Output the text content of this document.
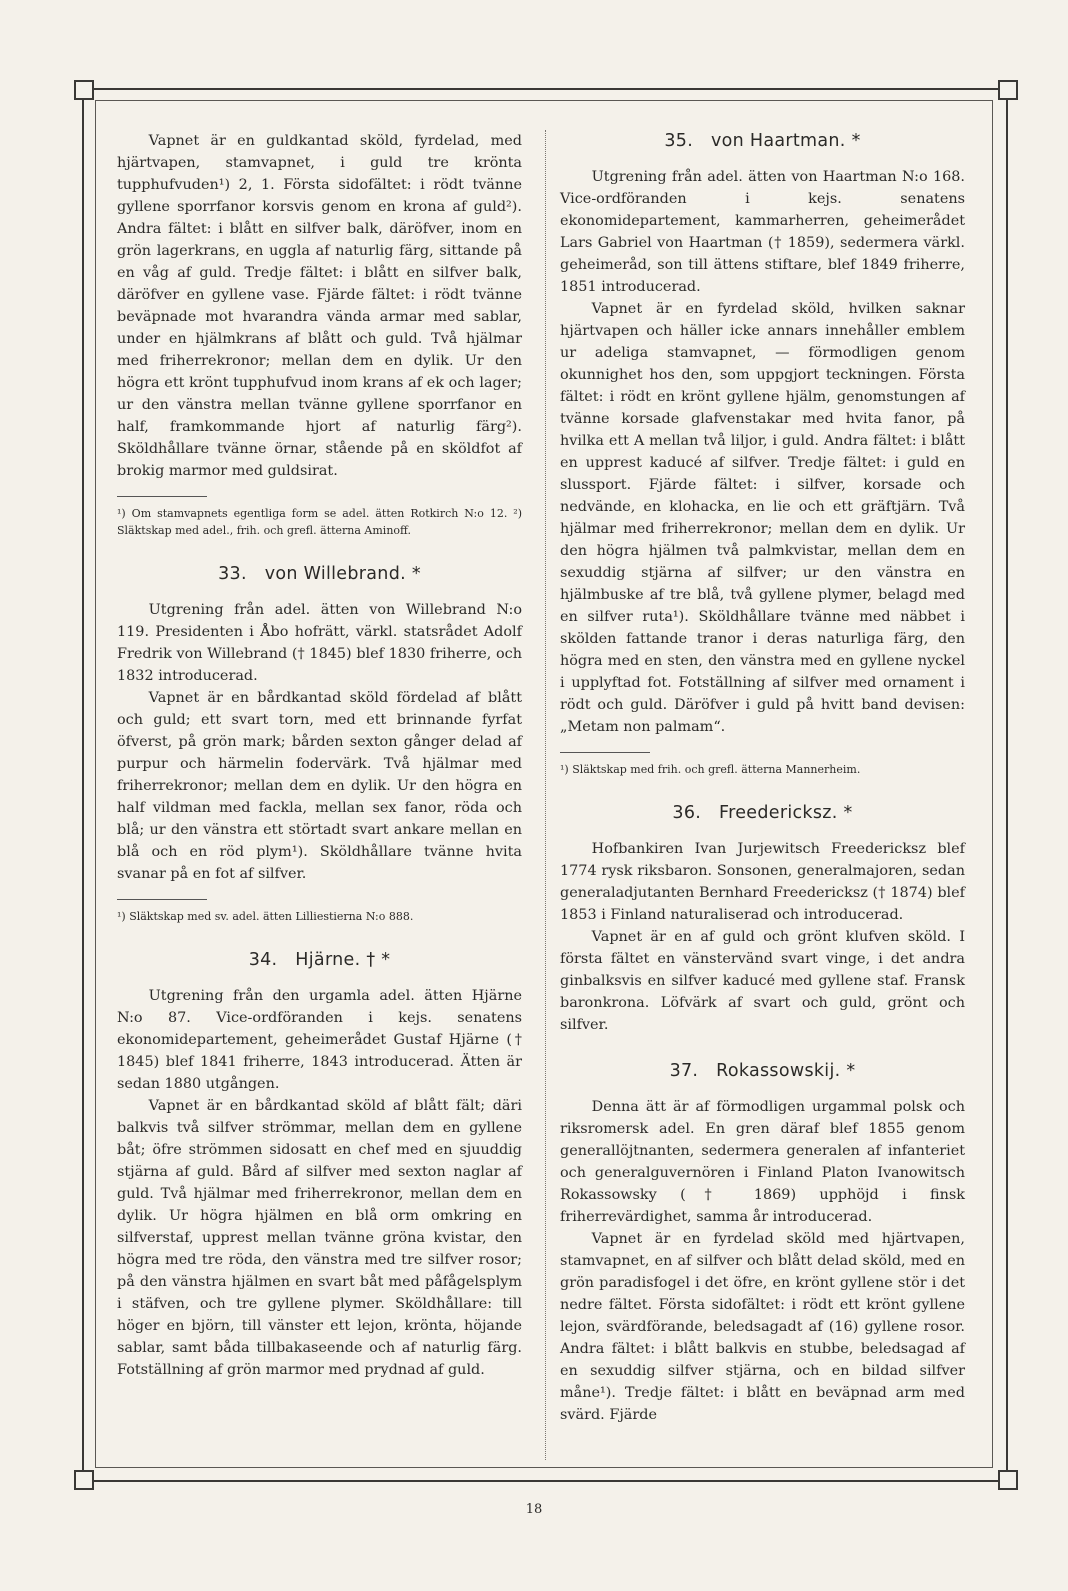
Vapnet är en guldkantad sköld, fyrdelad, med hjärtvapen, stamvapnet, i guld tre krönta tupphufvuden¹) 2, 1. Första sidofältet: i rödt tvänne gyllene sporrfanor korsvis genom en krona af guld²). Andra fältet: i blått en silfver balk, däröfver, inom en grön lagerkrans, en uggla af naturlig färg, sittande på en våg af guld. Tredje fältet: i blått en silfver balk, däröfver en gyllene vase. Fjärde fältet: i rödt tvänne beväpnade mot hvarandra vända armar med sablar, under en hjälmkrans af blått och guld. Två hjälmar med friherrekronor; mellan dem en dylik. Ur den högra ett krönt tupphufvud inom krans af ek och lager; ur den vänstra mellan tvänne gyllene sporrfanor en half, framkommande hjort af naturlig färg²). Sköldhållare tvänne örnar, stående på en sköldfot af brokig marmor med guldsirat.

¹) Om stamvapnets egentliga form se adel. ätten Rotkirch N:o 12. ²) Släktskap med adel., frih. och grefl. ätterna Aminoff.

33. von Willebrand. *

Utgrening från adel. ätten von Willebrand N:o 119. Presidenten i Åbo hofrätt, värkl. statsrådet Adolf Fredrik von Willebrand († 1845) blef 1830 friherre, och 1832 introducerad.

Vapnet är en bårdkantad sköld fördelad af blått och guld; ett svart torn, med ett brinnande fyrfat öfverst, på grön mark; bården sexton gånger delad af purpur och härmelin fodervärk. Två hjälmar med friherrekronor; mellan dem en dylik. Ur den högra en half vildman med fackla, mellan sex fanor, röda och blå; ur den vänstra ett störtadt svart ankare mellan en blå och en röd plym¹). Sköldhållare tvänne hvita svanar på en fot af silfver.

¹) Släktskap med sv. adel. ätten Lilliestierna N:o 888.

34. Hjärne. † *

Utgrening från den urgamla adel. ätten Hjärne N:o 87. Vice-ordföranden i kejs. senatens ekonomidepartement, geheimerådet Gustaf Hjärne († 1845) blef 1841 friherre, 1843 introducerad. Ätten är sedan 1880 utgången.

Vapnet är en bårdkantad sköld af blått fält; däri balkvis två silfver strömmar, mellan dem en gyllene båt; öfre strömmen sidosatt en chef med en sjuuddig stjärna af guld. Bård af silfver med sexton naglar af guld. Två hjälmar med friherrekronor, mellan dem en dylik. Ur högra hjälmen en blå orm omkring en silfverstaf, upprest mellan tvänne gröna kvistar, den högra med tre röda, den vänstra med tre silfver rosor; på den vänstra hjälmen en svart båt med påfågelsplym i stäfven, och tre gyllene plymer. Sköldhållare: till höger en björn, till vänster ett lejon, krönta, höjande sablar, samt båda tillbakaseende och af naturlig färg. Fotställning af grön marmor med prydnad af guld.

35. von Haartman. *

Utgrening från adel. ätten von Haartman N:o 168. Vice-ordföranden i kejs. senatens ekonomidepartement, kammarherren, geheimerådet Lars Gabriel von Haartman († 1859), sedermera värkl. geheimeråd, son till ättens stiftare, blef 1849 friherre, 1851 introducerad.

Vapnet är en fyrdelad sköld, hvilken saknar hjärtvapen och häller icke annars innehåller emblem ur adeliga stamvapnet, — förmodligen genom okunnighet hos den, som uppgjort teckningen. Första fältet: i rödt en krönt gyllene hjälm, genomstungen af tvänne korsade glafvenstakar med hvita fanor, på hvilka ett A mellan två liljor, i guld. Andra fältet: i blått en upprest kaducé af silfver. Tredje fältet: i guld en slussport. Fjärde fältet: i silfver, korsade och nedvände, en klohacka, en lie och ett gräftjärn. Två hjälmar med friherrekronor; mellan dem en dylik. Ur den högra hjälmen två palmkvistar, mellan dem en sexuddig stjärna af silfver; ur den vänstra en hjälmbuske af tre blå, två gyllene plymer, belagd med en silfver ruta¹). Sköldhållare tvänne med näbbet i skölden fattande tranor i deras naturliga färg, den högra med en sten, den vänstra med en gyllene nyckel i upplyftad fot. Fotställning af silfver med ornament i rödt och guld. Däröfver i guld på hvitt band devisen: „Metam non palmam“.

¹) Släktskap med frih. och grefl. ätterna Mannerheim.

36. Freedericksz. *

Hofbankiren Ivan Jurjewitsch Freedericksz blef 1774 rysk riksbaron. Sonsonen, generalmajoren, sedan generaladjutanten Bernhard Freedericksz († 1874) blef 1853 i Finland naturaliserad och introducerad.

Vapnet är en af guld och grönt klufven sköld. I första fältet en vänstervänd svart vinge, i det andra ginbalksvis en silfver kaducé med gyllene staf. Fransk baronkrona. Löfvärk af svart och guld, grönt och silfver.

37. Rokassowskij. *

Denna ätt är af förmodligen urgammal polsk och riksromersk adel. En gren däraf blef 1855 genom generallöjtnanten, sedermera generalen af infanteriet och generalguvernören i Finland Platon Ivanowitsch Rokassowsky († 1869) upphöjd i finsk friherrevärdighet, samma år introducerad.

Vapnet är en fyrdelad sköld med hjärtvapen, stamvapnet, en af silfver och blått delad sköld, med en grön paradisfogel i det öfre, en krönt gyllene stör i det nedre fältet. Första sidofältet: i rödt ett krönt gyllene lejon, svärdförande, beledsagadt af (16) gyllene rosor. Andra fältet: i blått balkvis en stubbe, beledsagad af en sexuddig silfver stjärna, och en bildad silfver måne¹). Tredje fältet: i blått en beväpnad arm med svärd. Fjärde

18
